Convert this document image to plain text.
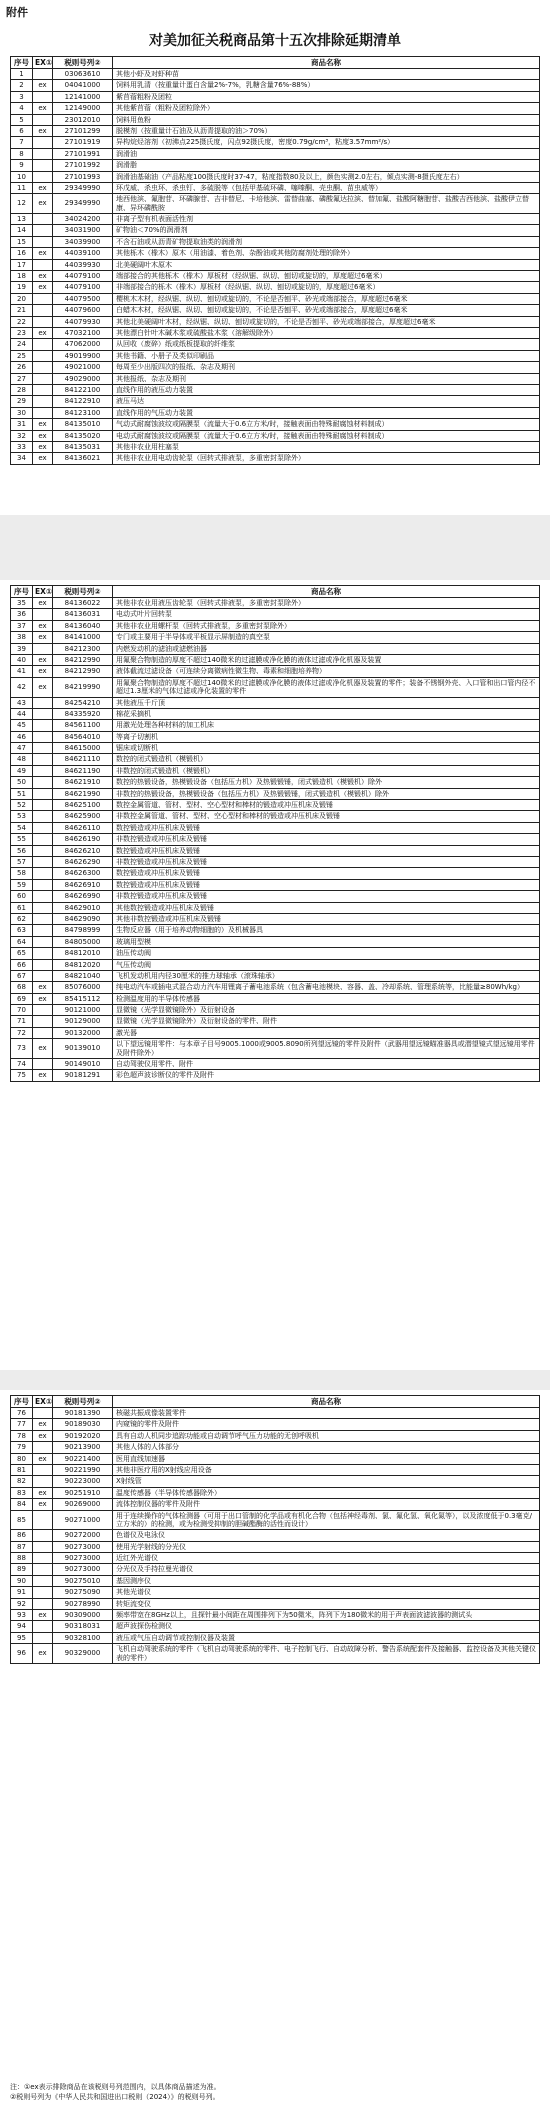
附件
对美加征关税商品第十五次排除延期清单
序号	EX①	税则号列②	商品名称
1		03063610	其他小虾及对虾种苗
2	ex	04041000	饲料用乳清（按重量计蛋白含量2%-7%，乳糖含量76%-88%）
3		12141000	紫苜蓿粗粉及团粒
4	ex	12149000	其他紫苜蓿（粗粉及团粒除外）
5		23012010	饲料用鱼粉
6	ex	27101299	脱模剂（按重量计石油及从沥青提取的油＞70%）
7		27101919	异构烷烃溶剂（初沸点225摄氏度，闪点92摄氏度，密度0.79g/cm³，粘度3.57mm²/s）
8		27101991	润滑油
9		27101992	润滑脂
10		27101993	润滑油基础油（产品粘度100摄氏度时37-47，粘度指数80及以上，颜色实测2.0左右，倾点实测-8摄氏度左右）
11	ex	29349990	环戊威、杀虫环、杀虫钉、多硫脱等（包括甲基硫环磷、噻嗪酮、壳虫酮、苗虫威等）
12	ex	29349990	地西他滨、氟胞苷、环磷腺苷、吉非替尼、卡培他滨、雷替曲塞、磷酸氟达拉滨、替加氟、盐酸阿糖胞苷、盐酸吉西他滨、盐酸伊立替康、异环磷酰胺
13		34024200	非离子型有机表面活性剂
14		34031900	矿物油＜70%的润滑剂
15		34039900	不含石油或从沥青矿物提取油类的润滑剂
16	ex	44039100	其他栎木（橡木）原木（用油漆、着色剂、杂酚油或其他防腐剂处理的除外）
17		44039930	北美硬阔叶木原木
18	ex	44079100	端部接合的其他栎木（橡木）厚板材（经纵锯、纵切、刨切或旋切的，厚度超过6毫米）
19	ex	44079100	非端部接合的栎木（橡木）厚板材（经纵锯、纵切、刨切或旋切的，厚度超过6毫米）
20		44079500	樱桃木木材，经纵锯、纵切、刨切或旋切的，不论是否刨平、砂光或端部接合，厚度超过6毫米
21		44079600	白蜡木木材，经纵锯、纵切、刨切或旋切的，不论是否刨平、砂光或端部接合，厚度超过6毫米
22		44079930	其他北美硬阔叶木材，经纵锯、纵切、刨切或旋切的，不论是否刨平、砂光或端部接合，厚度超过6毫米
23	ex	47032100	其他漂白针叶木碱木浆或硫酸盐木浆（溶解级除外）
24		47062000	从回收（废碎）纸或纸板提取的纤维浆
25		49019900	其他书籍、小册子及类似印刷品
26		49021000	每周至少出版四次的报纸、杂志及期刊
27		49029000	其他报纸、杂志及期刊
28		84122100	直线作用的液压动力装置
29		84122910	液压马达
30		84123100	直线作用的气压动力装置
31	ex	84135010	气动式耐腐蚀波纹或隔膜泵（流量大于0.6立方米/时，接触表面由特殊耐腐蚀材料制成）
32	ex	84135020	电动式耐腐蚀波纹或隔膜泵（流量大于0.6立方米/时，接触表面由特殊耐腐蚀材料制成）
33	ex	84135031	其他非农业用柱塞泵
34	ex	84136021	其他非农业用电动齿轮泵（回转式排液泵，多重密封泵除外）
序号	EX①	税则号列②	商品名称
35	ex	84136022	其他非农业用液压齿轮泵（回转式排液泵，多重密封泵除外）
36		84136031	电动式叶片回转泵
37	ex	84136040	其他非农业用螺杆泵（回转式排液泵，多重密封泵除外）
38	ex	84141000	专门或主要用于半导体或平板显示屏制造的真空泵
39		84212300	内燃发动机的滤油或滤燃油器
40	ex	84212990	用氟聚合物制造的厚度不超过140微米的过滤膜或净化膜的液体过滤或净化机器及装置
41	ex	84212990	液体截流过滤设备（可连续分离微病性微生物、毒素和细胞培养物）
42	ex	84219990	用氟聚合物制造的厚度不超过140微米的过滤膜或净化膜的液体过滤或净化机器及装置的零件；装备不锈钢外壳、入口管和出口管内径不超过1.3厘米的气体过滤或净化装置的零件
43		84254210	其他液压千斤顶
44		84335920	棉花采摘机
45		84561100	用激光处理各种材料的加工机床
46		84564010	等离子切割机
47		84615000	锯床或切断机
48		84621110	数控的闭式锻造机（模锻机）
49		84621190	非数控的闭式锻造机（模锻机）
50		84621910	数控的热锻设备，热模锻设备（包括压力机）及热锻锻锤，闭式锻造机（模锻机）除外
51		84621990	非数控的热锻设备，热模锻设备（包括压力机）及热锻锻锤，闭式锻造机（模锻机）除外
52		84625100	数控金属管道、管材、型材、空心型材和棒材的锻造或冲压机床及锻锤
53		84625900	非数控金属管道、管材、型材、空心型材和棒材的锻造或冲压机床及锻锤
54		84626110	数控锻造或冲压机床及锻锤
55		84626190	非数控锻造或冲压机床及锻锤
56		84626210	数控锻造或冲压机床及锻锤
57		84626290	非数控锻造或冲压机床及锻锤
58		84626300	数控锻造或冲压机床及锻锤
59		84626910	数控锻造或冲压机床及锻锤
60		84626990	非数控锻造或冲压机床及锻锤
61		84629010	其他数控锻造或冲压机床及锻锤
62		84629090	其他非数控锻造或冲压机床及锻锤
63		84798999	生物反应器（用于培养动物细胞的）及机械器具
64		84805000	玻璃用型模
65		84812010	油压传动阀
66		84812020	气压传动阀
67		84821040	飞机发动机用内径30厘米的推力球轴承（滚珠轴承）
68	ex	85076000	纯电动汽车或插电式混合动力汽车用锂离子蓄电池系统（包含蓄电池模块、容器、盖、冷却系统、管理系统等，比能量≥80Wh/kg）
69	ex	85415112	检测温度用的半导体传感器
70		90121000	显微镜（光学显微镜除外）及衍射设备
71		90129000	显微镜（光学显微镜除外）及衍射设备的零件、附件
72		90132000	激光器
73	ex	90139010	以下望远镜用零件：与本章子目号9005.1000或9005.8090所列望远镜的零件及附件（武器用望远镜瞄准器具或潜望镜式望远镜用零件及附件除外）
74		90149010	自动驾驶仪用零件、附件
75	ex	90181291	彩色超声波诊断仪的零件及附件
序号	EX①	税则号列②	商品名称
76		90181390	核磁共振成像装置零件
77	ex	90189030	内窥镜的零件及附件
78	ex	90192020	具有自动人机同步追踪功能或自动调节呼气压力功能的无创呼吸机
79		90213900	其他人体的人体部分
80	ex	90221400	医用直线加速器
81		90221990	其他非医疗用的X射线应用设备
82		90223000	X射线管
83	ex	90251910	温度传感器（半导体传感器除外）
84	ex	90269000	流体控制仪器的零件及附件
85		90271000	用于连续操作的气体检测器（可用于出口管制的化学品或有机化合物（包括神经毒剂、氯、氟化氢、氧化氮等），以及浓度低于0.3毫克/立方米的）的检测，或为检测受抑制的胆碱酯酶的活性而设计）
86		90272000	色谱仪及电泳仪
87		90273000	使用光学射线的分光仪
88		90273000	近红外光谱仪
89		90273000	分光仪及手持拉曼光谱仪
90		90275010	基因测序仪
91		90275090	其他光谱仪
92		90278990	转矩流变仪
93	ex	90309000	频率带宽在8GHz以上，且探针最小间距在周围排列下为50微米，阵列下为180微米的用于声表面波滤波器的测试头
94		90318031	超声波探伤检测仪
95		90328100	液压或气压自动调节或控制仪器及装置
96	ex	90329000	飞机自动驾驶系统的零件（飞机自动驾驶系统的零件、电子控制飞行、自动故障分析、警告系统配套件及接触器、监控设备及其他关键仪表的零件）
注：①ex表示排除商品在该税则号列范围内，以具体商品描述为准。
②税则号列为《中华人民共和国进出口税则（2024）》的税则号列。
